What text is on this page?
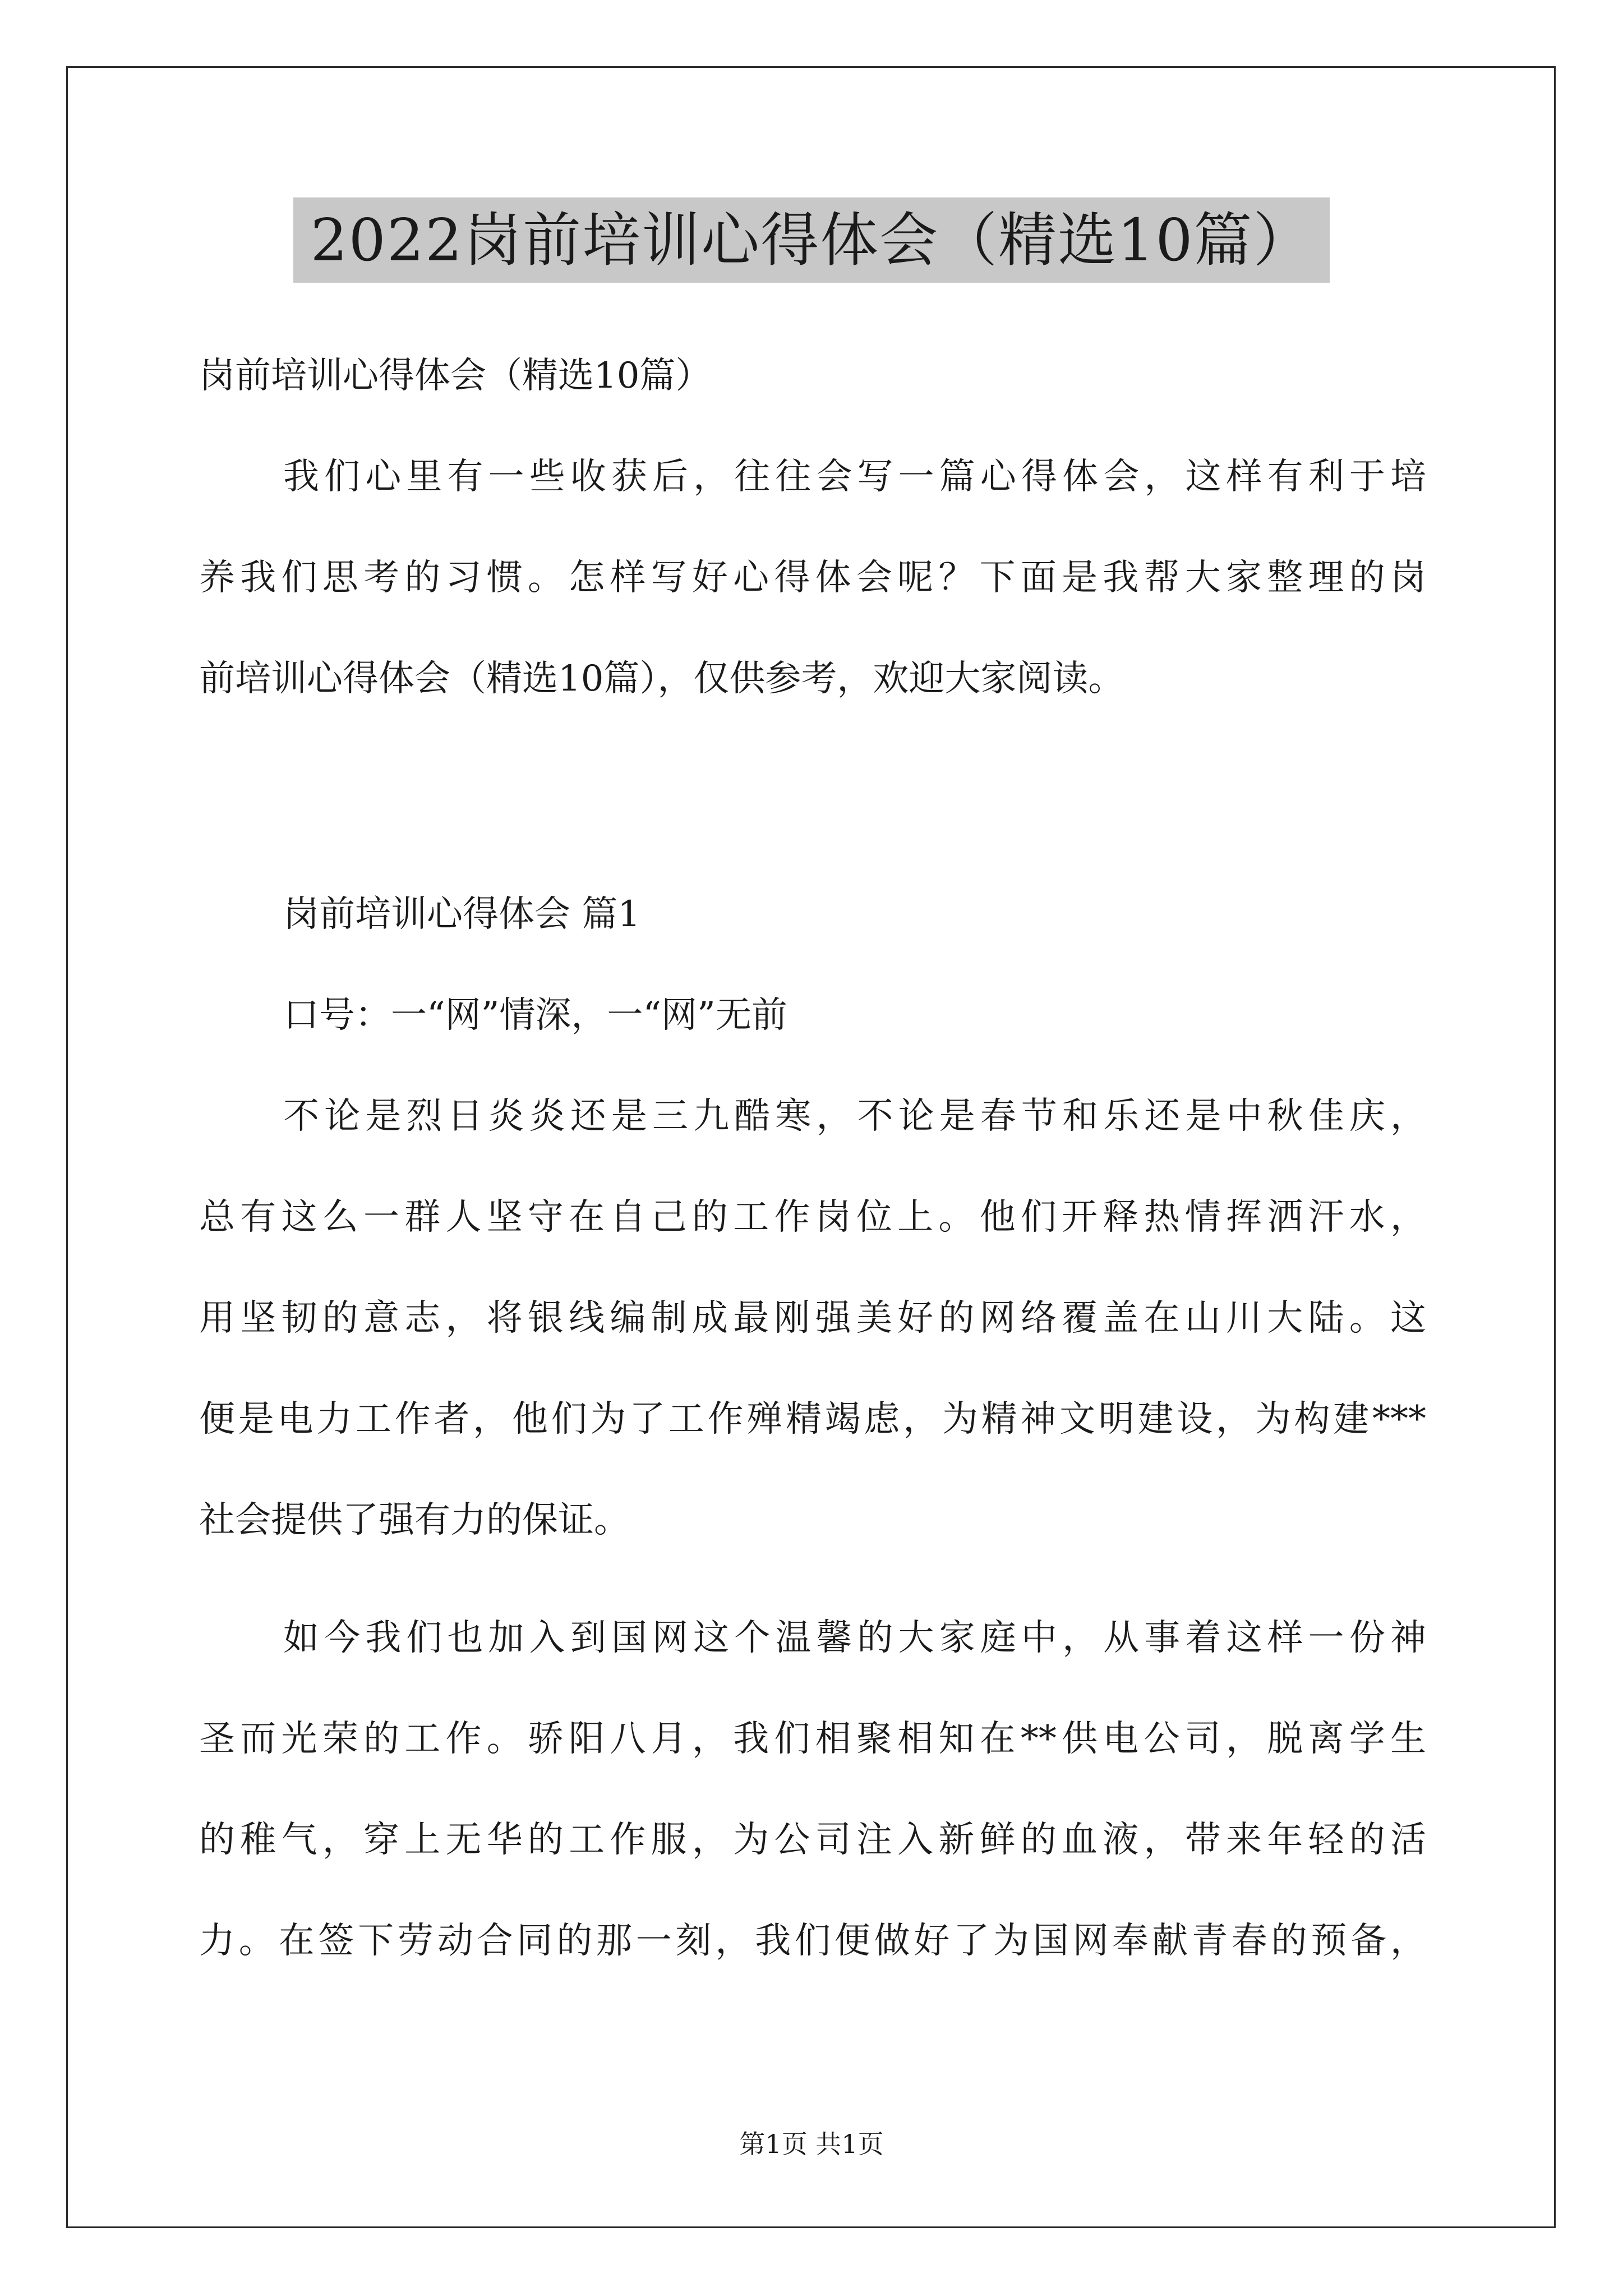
2022岗前培训心得体会（精选10篇）
岗前培训心得体会（精选10篇）
我们心里有一些收获后，往往会写一篇心得体会，这样有利于培
养我们思考的习惯。怎样写好心得体会呢？下面是我帮大家整理的岗
前培训心得体会（精选10篇），仅供参考，欢迎大家阅读。
岗前培训心得体会 篇1
口号：一“网”情深，一“网”无前
不论是烈日炎炎还是三九酷寒，不论是春节和乐还是中秋佳庆，
总有这么一群人坚守在自己的工作岗位上。他们开释热情挥洒汗水，
用坚韧的意志，将银线编制成最刚强美好的网络覆盖在山川大陆。这
便是电力工作者，他们为了工作殚精竭虑，为精神文明建设，为构建***
社会提供了强有力的保证。
如今我们也加入到国网这个温馨的大家庭中，从事着这样一份神
圣而光荣的工作。骄阳八月，我们相聚相知在**供电公司，脱离学生
的稚气，穿上无华的工作服，为公司注入新鲜的血液，带来年轻的活
力。在签下劳动合同的那一刻，我们便做好了为国网奉献青春的预备，
第1页 共1页
